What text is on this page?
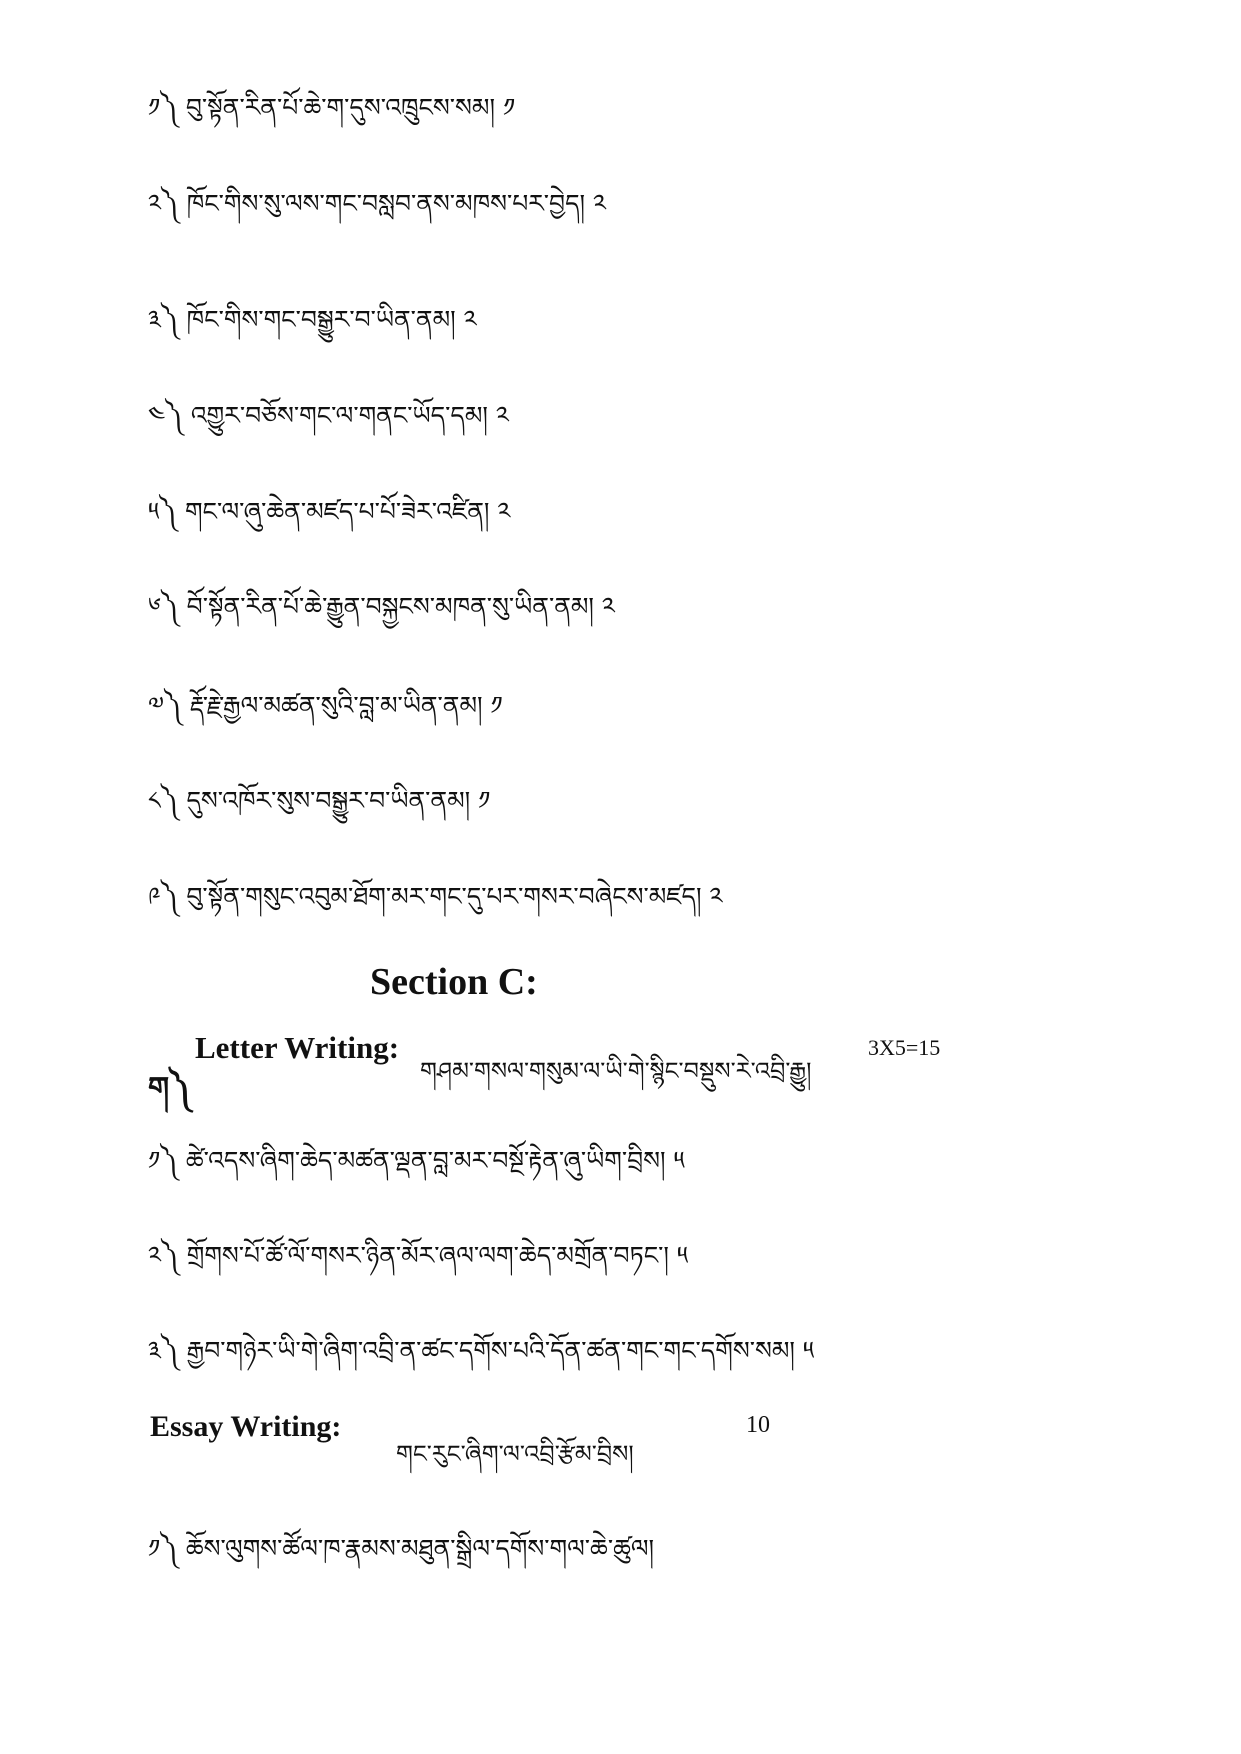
༡༽ བུ་སྟོན་རིན་པོ་ཆེ་ག་དུས་འཁྲུངས་སམ། ༡
༢༽ ཁོང་གིས་སུ་ལས་གང་བསླབ་ནས་མཁས་པར་བྱེད། ༢
༣༽ ཁོང་གིས་གང་བསྒྱུར་བ་ཡིན་ནམ། ༢
༤༽ འགྱུར་བཅོས་གང་ལ་གནང་ཡོད་དམ། ༢
༥༽ གང་ལ་ཞུ་ཆེན་མཛད་པ་པོ་ཟེར་འཛིན། ༢
༦༽ བོ་སྟོན་རིན་པོ་ཆེ་རྒྱུན་བསྐྱངས་མཁན་སུ་ཡིན་ནམ། ༢
༧༽ རྡོ་རྗེ་རྒྱལ་མཚན་སུའི་བླ་མ་ཡིན་ནམ། ༡
༨༽ དུས་འཁོར་སུས་བསྒྱུར་བ་ཡིན་ནམ། ༡
༩༽ བུ་སྟོན་གསུང་འབུམ་ཐོག་མར་གང་དུ་པར་གསར་བཞེངས་མཛད། ༢
Section C:
ག༽
Letter Writing:
གཤམ་གསལ་གསུམ་ལ་ཡི་གེ་སྙིང་བསྡུས་རེ་འབྲི་རྒྱུ།
3X5=15
༡༽ ཚེ་འདས་ཞིག་ཆེད་མཚན་ལྡན་བླ་མར་བསྔོ་རྟེན་ཞུ་ཡིག་བྲིས། ༥
༢༽ གྲོགས་པོ་ཚོ་ལོ་གསར་ཉིན་མོར་ཞལ་ལག་ཆེད་མགྲོན་བཏང་། ༥
༣༽ རྒྱབ་གཉེར་ཡི་གེ་ཞིག་འབྲི་ན་ཚང་དགོས་པའི་དོན་ཚན་གང་གང་དགོས་སམ། ༥
Essay Writing:
གང་རུང་ཞིག་ལ་འབྲི་རྩོམ་བྲིས།
10
༡༽ ཆོས་ལུགས་ཚོལ་ཁ་རྣམས་མཐུན་སྒྲིལ་དགོས་གལ་ཆེ་ཚུལ།
